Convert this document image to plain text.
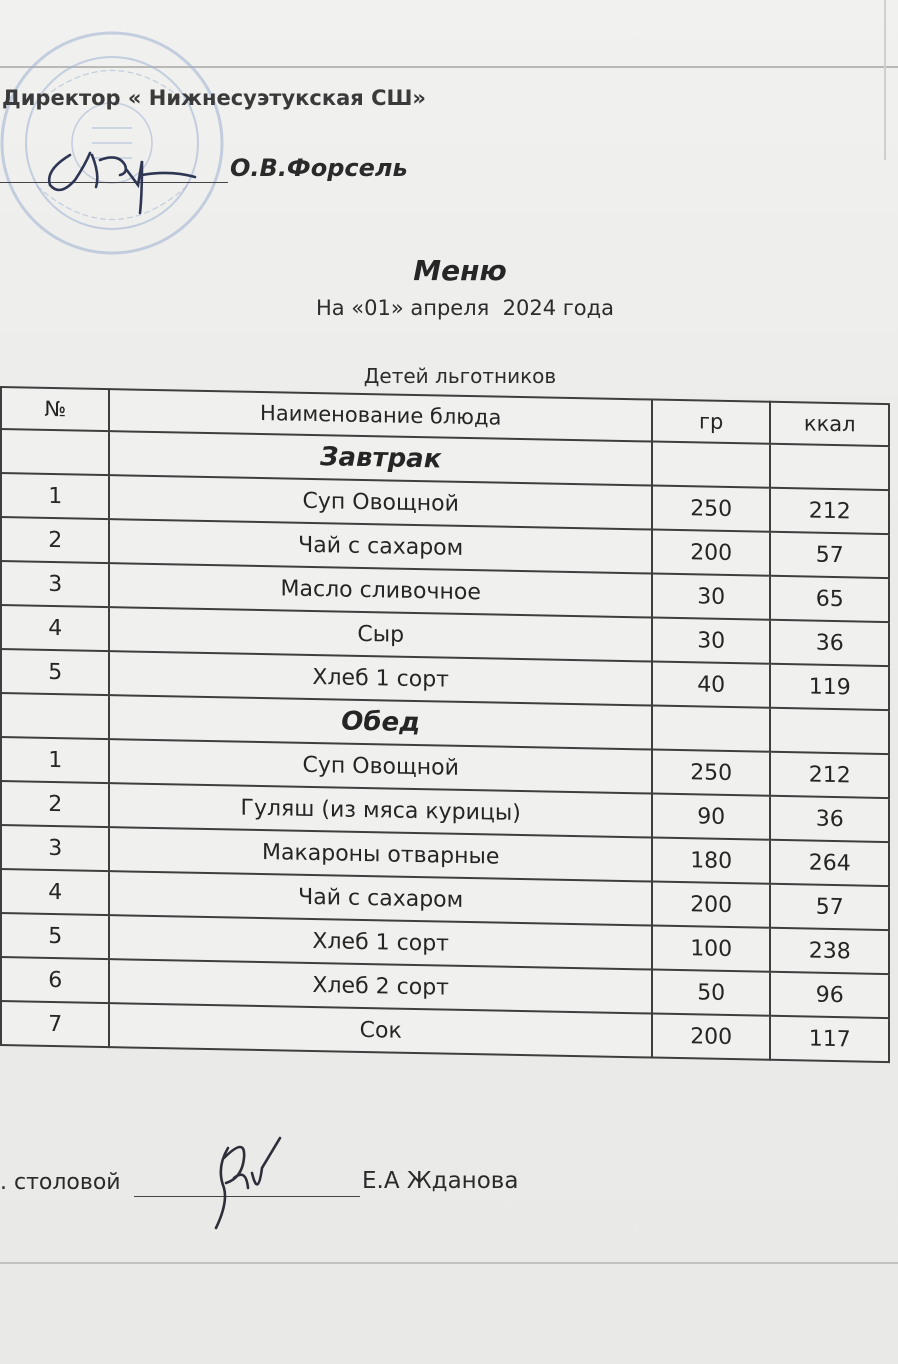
Директор « Нижнесуэтукская СШ»
О.В.Форсель
Меню
На «01» апреля  2024 года
Детей льготников
№	Наименование блюда	гр	ккал
	Завтрак		
1	Суп Овощной	250	212
2	Чай с сахаром	200	57
3	Масло сливочное	30	65
4	Сыр	30	36
5	Хлеб 1 сорт	40	119
	Обед		
1	Суп Овощной	250	212
2	Гуляш (из мяса курицы)	90	36
3	Макароны отварные	180	264
4	Чай с сахаром	200	57
5	Хлеб 1 сорт	100	238
6	Хлеб 2 сорт	50	96
7	Сок	200	117
. столовой	Е.А Жданова
